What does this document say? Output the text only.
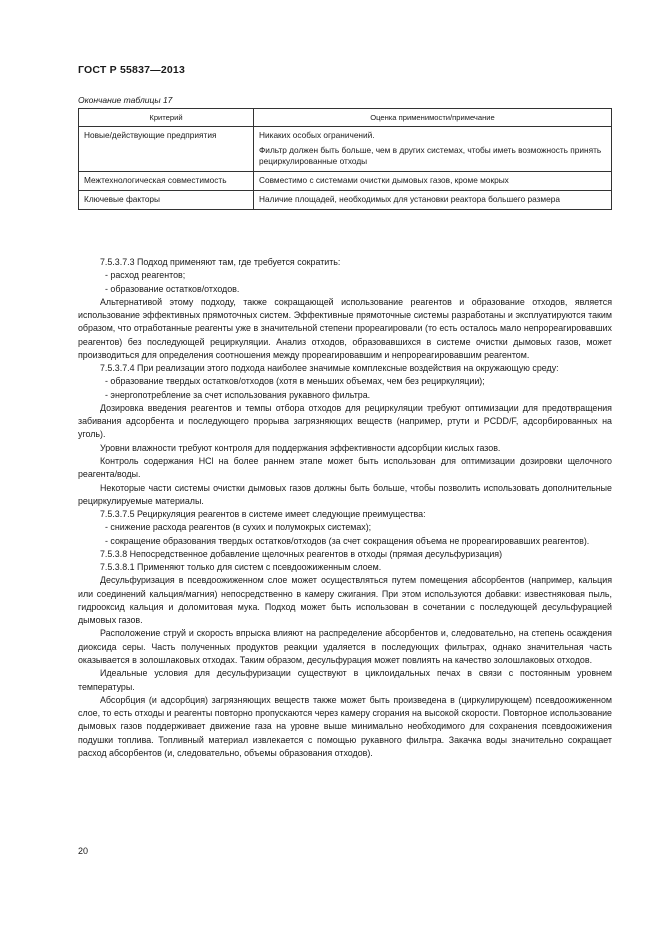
ГОСТ Р 55837—2013
Окончание таблицы 17
Критерий	Оценка применимости/примечание
Новые/действующие предприятия	Никаких особых ограничений.

Фильтр должен быть больше, чем в других системах, чтобы иметь возможность принять рециркулированные отходы

Межтехнологическая совместимость	Совместимо с системами очистки дымовых газов, кроме мокрых

Ключевые факторы	Наличие площадей, необходимых для установки реактора большего размера

7.5.3.7.3 Подход применяют там, где требуется сократить:

- расход реагентов;

- образование остатков/отходов.

Альтернативой этому подходу, также сокращающей использование реагентов и образование отходов, является использование эффективных прямоточных систем. Эффективные прямоточные системы разработаны и эксплуатируются таким образом, что отработанные реагенты уже в значительной степени прореагировали (то есть осталось мало непрореагировавших реагентов) без последующей рециркуляции. Анализ отходов, образовавшихся в системе очистки дымовых газов, может производиться для определения соотношения между прореагировавшим и непрореагировавшим реагентом.

7.5.3.7.4 При реализации этого подхода наиболее значимые комплексные воздействия на окружающую среду:

- образование твердых остатков/отходов (хотя в меньших объемах, чем без рециркуляции);

- энергопотребление за счет использования рукавного фильтра.

Дозировка введения реагентов и темпы отбора отходов для рециркуляции требуют оптимизации для предотвращения забивания адсорбента и последующего прорыва загрязняющих веществ (например, ртути и PCDD/F, адсорбированных на уголь).

Уровни влажности требуют контроля для поддержания эффективности адсорбции кислых газов.

Контроль содержания HCl на более раннем этапе может быть использован для оптимизации дозировки щелочного реагента/воды.

Некоторые части системы очистки дымовых газов должны быть больше, чтобы позволить использовать дополнительные рециркулируемые материалы.

7.5.3.7.5 Рециркуляция реагентов в системе имеет следующие преимущества:

- снижение расхода реагентов (в сухих и полумокрых системах);

- сокращение образования твердых остатков/отходов (за счет сокращения объема не прореагировавших реагентов).

7.5.3.8 Непосредственное добавление щелочных реагентов в отходы (прямая десульфуризация)

7.5.3.8.1 Применяют только для систем с псевдоожиженным слоем.

Десульфуризация в псевдоожиженном слое может осуществляться путем помещения абсорбентов (например, кальция или соединений кальция/магния) непосредственно в камеру сжигания. При этом используются добавки: известняковая пыль, гидрооксид кальция и доломитовая мука. Подход может быть использован в сочетании с последующей десульфурацией дымовых газов.

Расположение струй и скорость впрыска влияют на распределение абсорбентов и, следовательно, на степень осаждения диоксида серы. Часть полученных продуктов реакции удаляется в последующих фильтрах, однако значительная часть оказывается в золошлаковых отходах. Таким образом, десульфурация может повлиять на качество золошлаковых отходов.

Идеальные условия для десульфуризации существуют в циклоидальных печах в связи с постоянным уровнем температуры.

Абсорбция (и адсорбция) загрязняющих веществ также может быть произведена в (циркулирующем) псевдоожиженном слое, то есть отходы и реагенты повторно пропускаются через камеру сгорания на высокой скорости. Повторное использование дымовых газов поддерживает движение газа на уровне выше минимально необходимого для сохранения псевдоожижения подушки топлива. Топливный материал извлекается с помощью рукавного фильтра. Закачка воды значительно сокращает расход абсорбентов (и, следовательно, объемы образования отходов).

20
